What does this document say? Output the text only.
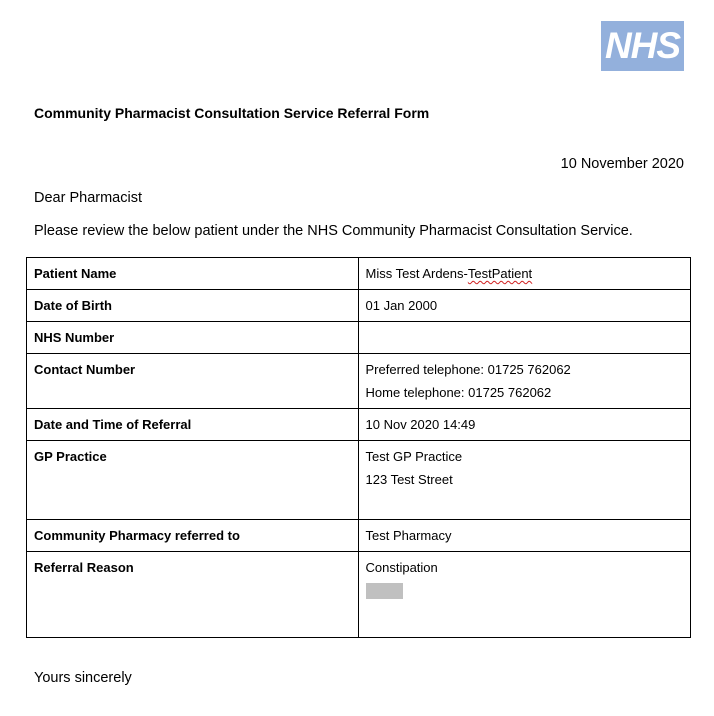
NHS
Community Pharmacist Consultation Service Referral Form
10 November 2020
Dear Pharmacist
Please review the below patient under the NHS Community Pharmacist Consultation Service.
Patient Name	Miss Test Ardens-TestPatient
Date of Birth	01 Jan 2000
NHS Number	
Contact Number	Preferred telephone: 01725 762062
Home telephone: 01725 762062

Date and Time of Referral	10 Nov 2020 14:49
GP Practice	Test GP Practice
123 Test Street

Community Pharmacy referred to	Test Pharmacy
Referral Reason	Constipation
Yours sincerely
